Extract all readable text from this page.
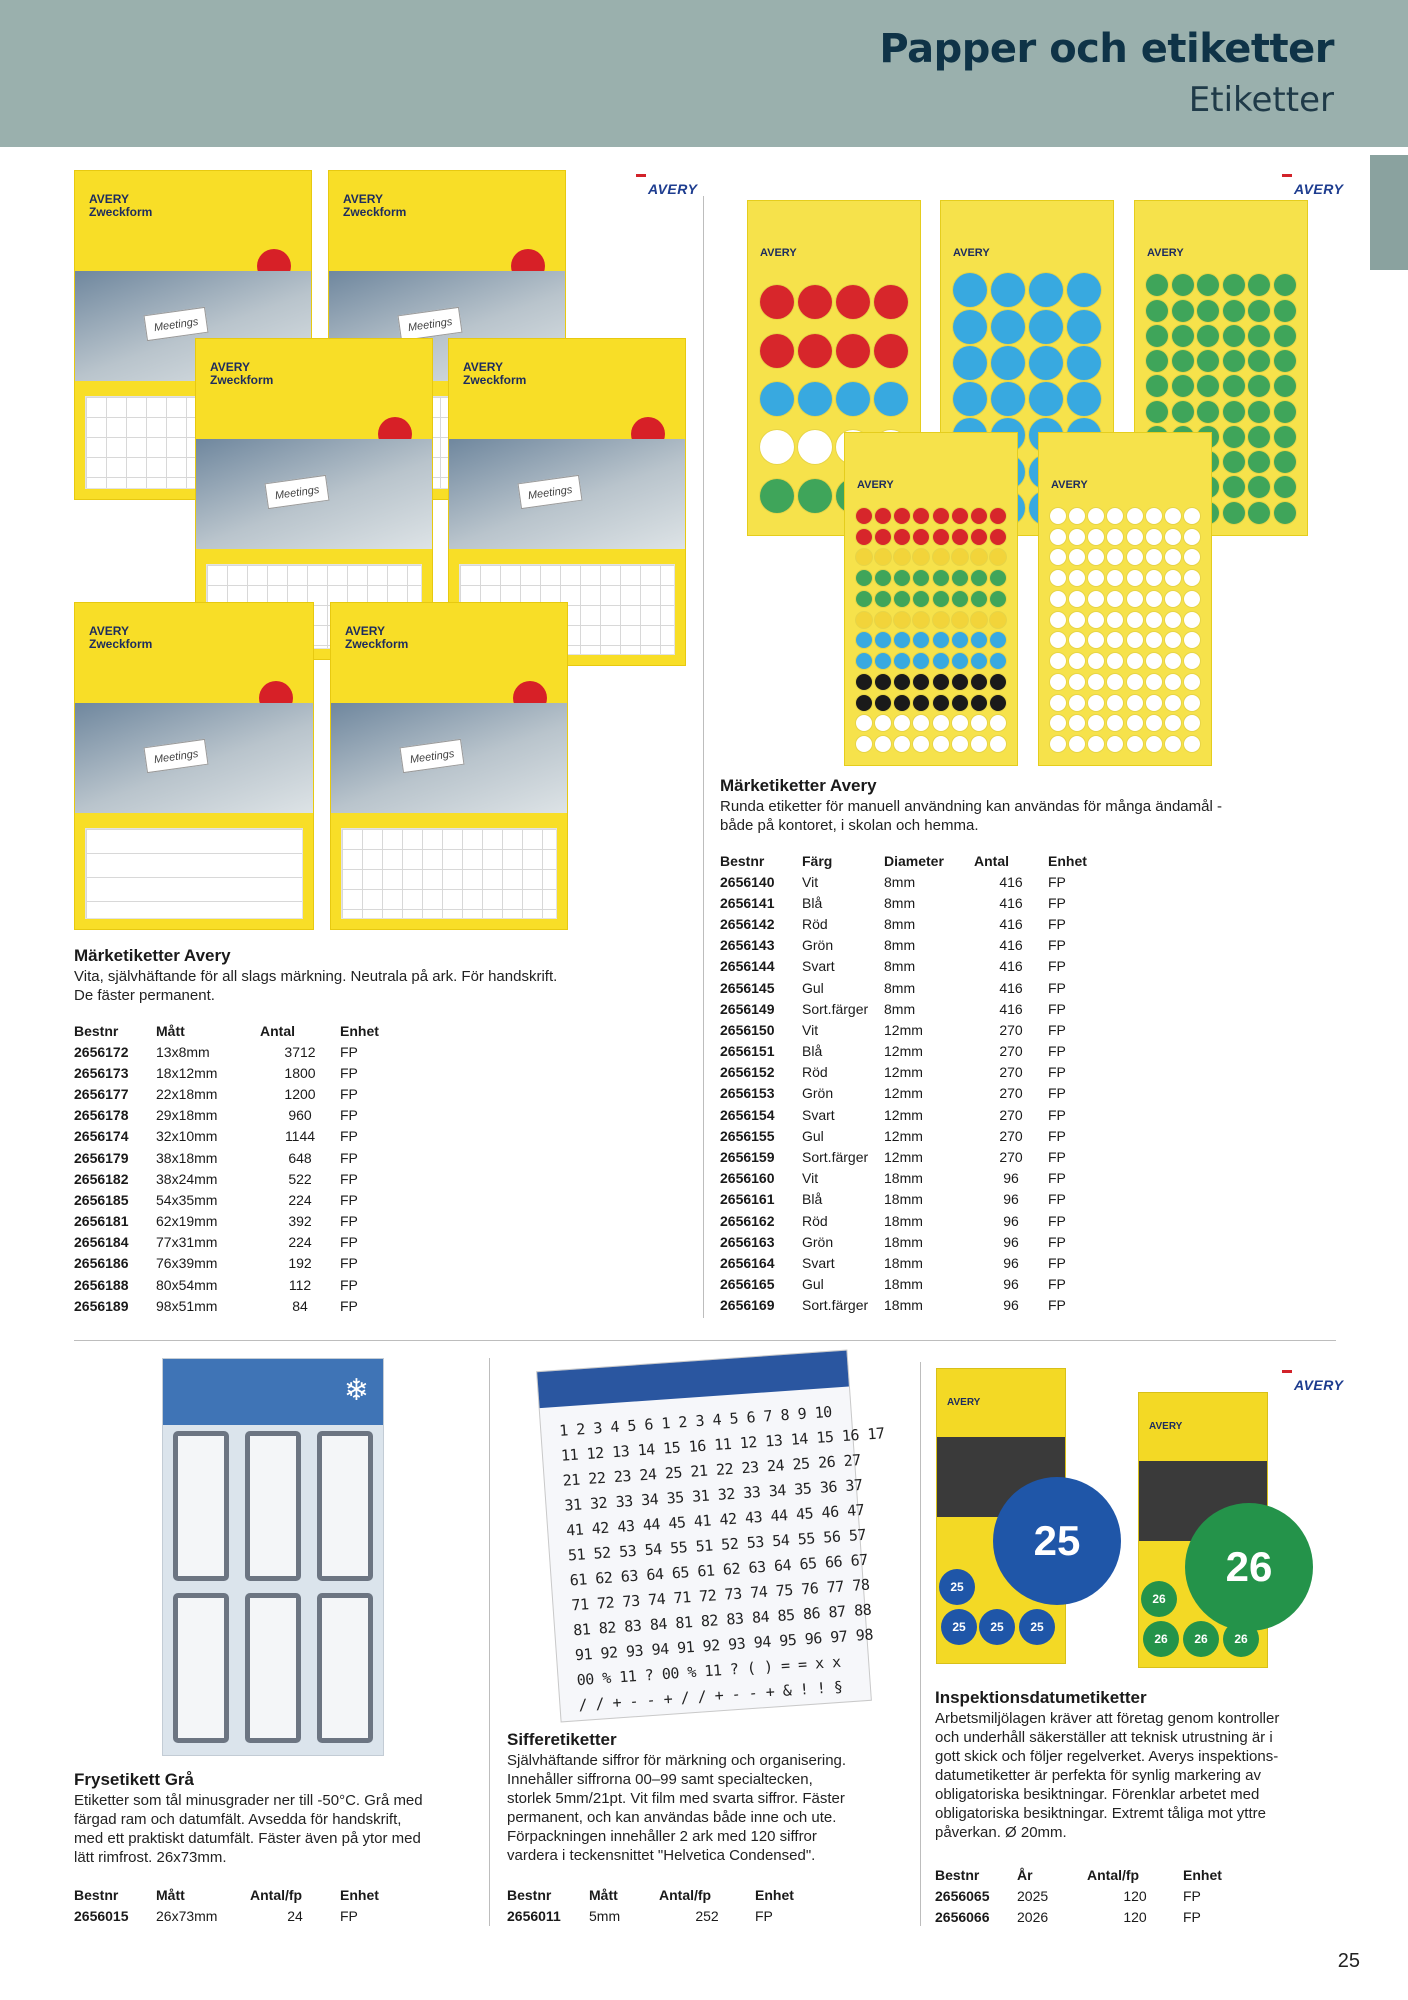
Papper och etiketter
Etiketter
AVERY	AVERY
AVERY
AVERY
Zweckform
Meetings
AVERY
Zweckform
Meetings
AVERY
Zweckform
Meetings
AVERY
Zweckform
Meetings
AVERY
Zweckform
Meetings
AVERY
Zweckform
Meetings
Märketiketter Avery

Vita, självhäftande för all slags märkning. Neutrala på ark. För handskrift.

De fäster permanent.

Bestnr	Mått	Antal	Enhet
2656172	13x8mm	3712	FP
2656173	18x12mm	1800	FP
2656177	22x18mm	1200	FP
2656178	29x18mm	960	FP
2656174	32x10mm	1144	FP
2656179	38x18mm	648	FP
2656182	38x24mm	522	FP
2656185	54x35mm	224	FP
2656181	62x19mm	392	FP
2656184	77x31mm	224	FP
2656186	76x39mm	192	FP
2656188	80x54mm	112	FP
2656189	98x51mm	84	FP
AVERY	AVERY	AVERY
AVERY	AVERY
Märketiketter Avery

Runda etiketter för manuell användning kan användas för många ändamål -

både på kontoret, i skolan och hemma.

Bestnr	Färg	Diameter	Antal	Enhet
2656140	Vit	8mm	416	FP
2656141	Blå	8mm	416	FP
2656142	Röd	8mm	416	FP
2656143	Grön	8mm	416	FP
2656144	Svart	8mm	416	FP
2656145	Gul	8mm	416	FP
2656149	Sort.färger	8mm	416	FP
2656150	Vit	12mm	270	FP
2656151	Blå	12mm	270	FP
2656152	Röd	12mm	270	FP
2656153	Grön	12mm	270	FP
2656154	Svart	12mm	270	FP
2656155	Gul	12mm	270	FP
2656159	Sort.färger	12mm	270	FP
2656160	Vit	18mm	96	FP
2656161	Blå	18mm	96	FP
2656162	Röd	18mm	96	FP
2656163	Grön	18mm	96	FP
2656164	Svart	18mm	96	FP
2656165	Gul	18mm	96	FP
2656169	Sort.färger	18mm	96	FP
❄
Frysetikett Grå

Etiketter som tål minusgrader ner till -50°C. Grå med

färgad ram och datumfält. Avsedda för handskrift,

med ett praktiskt datumfält. Fäster även på ytor med

lätt rimfrost. 26x73mm.

Bestnr	Mått	Antal/fp	Enhet
2656015	26x73mm	24	FP
1 2 3 4 5 6 1 2 3 4 5 6 7 8 9 10
11 12 13 14 15 16 11 12 13 14 15 16 17
21 22 23 24 25 21 22 23 24 25 26 27
31 32 33 34 35 31 32 33 34 35 36 37
41 42 43 44 45 41 42 43 44 45 46 47
51 52 53 54 55 51 52 53 54 55 56 57
61 62 63 64 65 61 62 63 64 65 66 67
71 72 73 74 71 72 73 74 75 76 77 78
81 82 83 84 81 82 83 84 85 86 87 88
91 92 93 94 91 92 93 94 95 96 97 98
00 % 11 ? 00 % 11 ? ( ) = = x x
/ / + - - + / / + - - + & ! ! §
Sifferetiketter

Självhäftande siffror för märkning och organisering.

Innehåller siffrorna 00–99 samt specialtecken,

storlek 5mm/21pt. Vit film med svarta siffror. Fäster

permanent, och kan användas både inne och ute.

Förpackningen innehåller 2 ark med 120 siffror

vardera i teckensnittet "Helvetica Condensed".

Bestnr	Mått	Antal/fp	Enhet
2656011	5mm	252	FP
AVERY
25
25
25	25	25
AVERY
26
26
26	26	26
Inspektionsdatumetiketter

Arbetsmiljölagen kräver att företag genom kontroller

och underhåll säkerställer att teknisk utrustning är i

gott skick och följer regelverket. Averys inspektions-

datumetiketter är perfekta för synlig markering av

obligatoriska besiktningar. Förenklar arbetet med

obligatoriska besiktningar. Extremt tåliga mot yttre

påverkan. Ø 20mm.

Bestnr	År	Antal/fp	Enhet
2656065	2025	120	FP
2656066	2026	120	FP
25
